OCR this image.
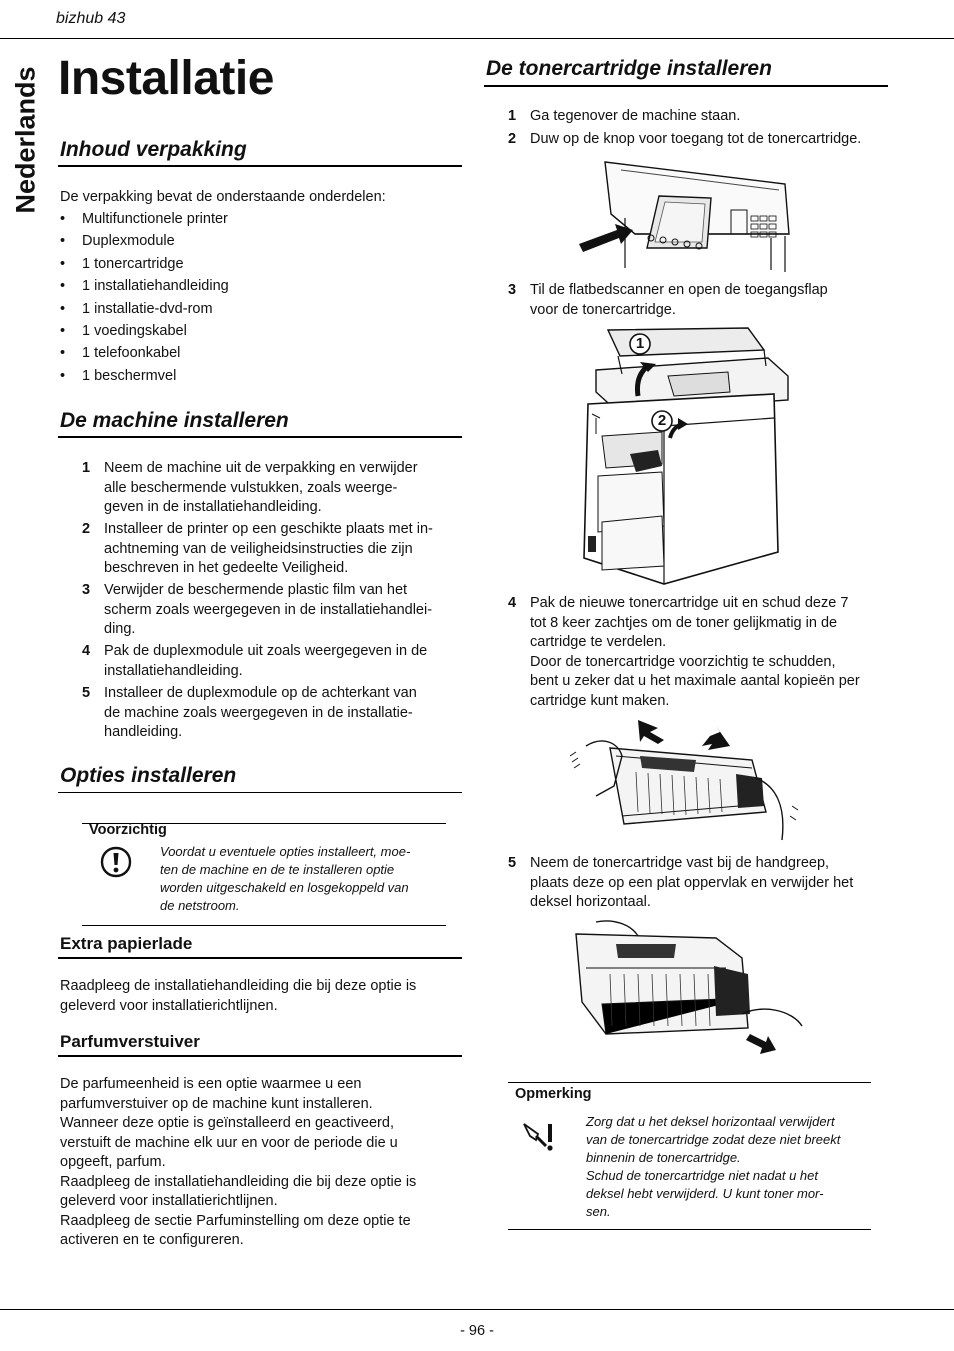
bizhub 43
Nederlands Installatie
Inhoud verpakking
De verpakking bevat de onderstaande onderdelen:
• Multifunctionele printer
• Duplexmodule
• 1 tonercartridge
• 1 installatiehandleiding
• 1 installatie-dvd-rom
• 1 voedingskabel
• 1 telefoonkabel
• 1 beschermvel
De machine installeren
1 Neem de machine uit de verpakking en verwijder
alle beschermende vulstukken, zoals weerge-
geven in de installatiehandleiding.
2 Installeer de printer op een geschikte plaats met in-
achtneming van de veiligheidsinstructies die zijn
beschreven in het gedeelte Veiligheid.
3 Verwijder de beschermende plastic film van het
scherm zoals weergegeven in de installatiehandlei-
ding.
4 Pak de duplexmodule uit zoals weergegeven in de
installatiehandleiding.
5 Installeer de duplexmodule op de achterkant van
de machine zoals weergegeven in de installatie-
handleiding.
Opties installeren
Voorzichtig
Voordat u eventuele opties installeert, moe-
ten de machine en de te installeren optie
worden uitgeschakeld en losgekoppeld van
de netstroom.
Extra papierlade
Raadpleeg de installatiehandleiding die bij deze optie is
geleverd voor installatierichtlijnen.
Parfumverstuiver
De parfumeenheid is een optie waarmee u een
parfumverstuiver op de machine kunt installeren.
Wanneer deze optie is geïnstalleerd en geactiveerd,
verstuift de machine elk uur en voor de periode die u
opgeeft, parfum.
Raadpleeg de installatiehandleiding die bij deze optie is
geleverd voor installatierichtlijnen.
Raadpleeg de sectie Parfuminstelling om deze optie te
activeren en te configureren.
De tonercartridge installeren
1 Ga tegenover de machine staan.
2 Duw op de knop voor toegang tot de tonercartridge.
3 Til de flatbedscanner en open de toegangsflap
voor de tonercartridge.
1
2
4 Pak de nieuwe tonercartridge uit en schud deze 7
tot 8 keer zachtjes om de toner gelijkmatig in de
cartridge te verdelen.
Door de tonercartridge voorzichtig te schudden,
bent u zeker dat u het maximale aantal kopieën per
cartridge kunt maken.
5 Neem de tonercartridge vast bij de handgreep,
plaats deze op een plat oppervlak en verwijder het
deksel horizontaal.
Opmerking
Zorg dat u het deksel horizontaal verwijdert
van de tonercartridge zodat deze niet breekt
binnenin de tonercartridge.
Schud de tonercartridge niet nadat u het
deksel hebt verwijderd. U kunt toner mor-
sen.
- 96 -
